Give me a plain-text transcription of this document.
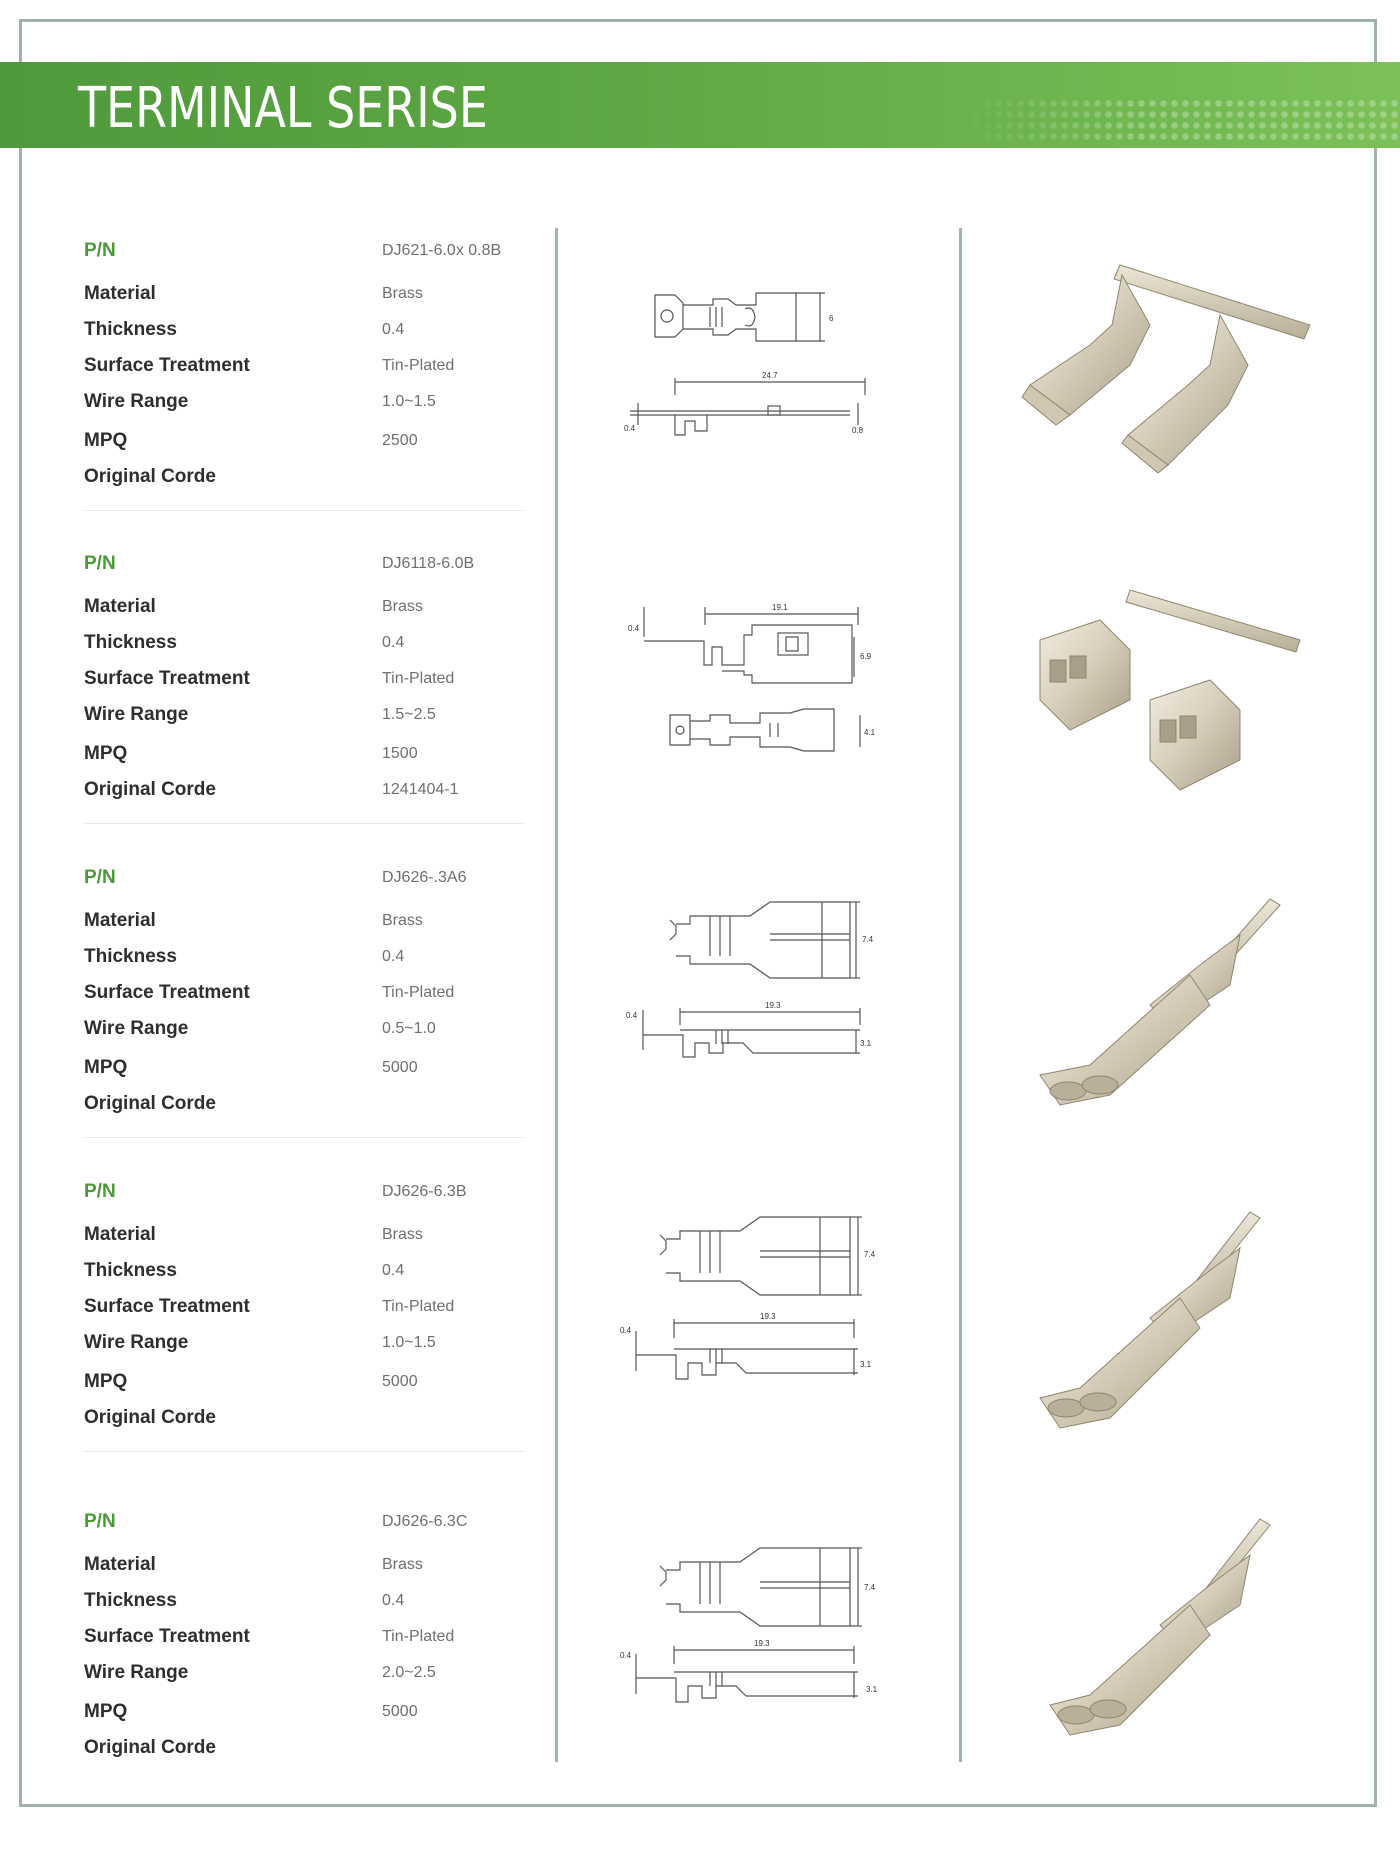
TERMINAL SERISE
P/N	DJ621-6.0x 0.8B
Material	Brass
Thickness	0.4
Surface Treatment	Tin-Plated
Wire Range	1.0~1.5
MPQ	2500
Original Corde
P/N	DJ6118-6.0B
Material	Brass
Thickness	0.4
Surface Treatment	Tin-Plated
Wire Range	1.5~2.5
MPQ	1500
Original Corde	1241404-1
P/N	DJ626-.3A6
Material	Brass
Thickness	0.4
Surface Treatment	Tin-Plated
Wire Range	0.5~1.0
MPQ	5000
Original Corde
P/N	DJ626-6.3B
Material	Brass
Thickness	0.4
Surface Treatment	Tin-Plated
Wire Range	1.0~1.5
MPQ	5000
Original Corde
P/N	DJ626-6.3C
Material	Brass
Thickness	0.4
Surface Treatment	Tin-Plated
Wire Range	2.0~2.5
MPQ	5000
Original Corde
6
24.7
0.4	0.8
19.1
0.4
6.9
4.1
7.4
0.4
19.3
3.1
7.4
0.4
19.3
3.1
7.4
0.4
19.3
3.1
